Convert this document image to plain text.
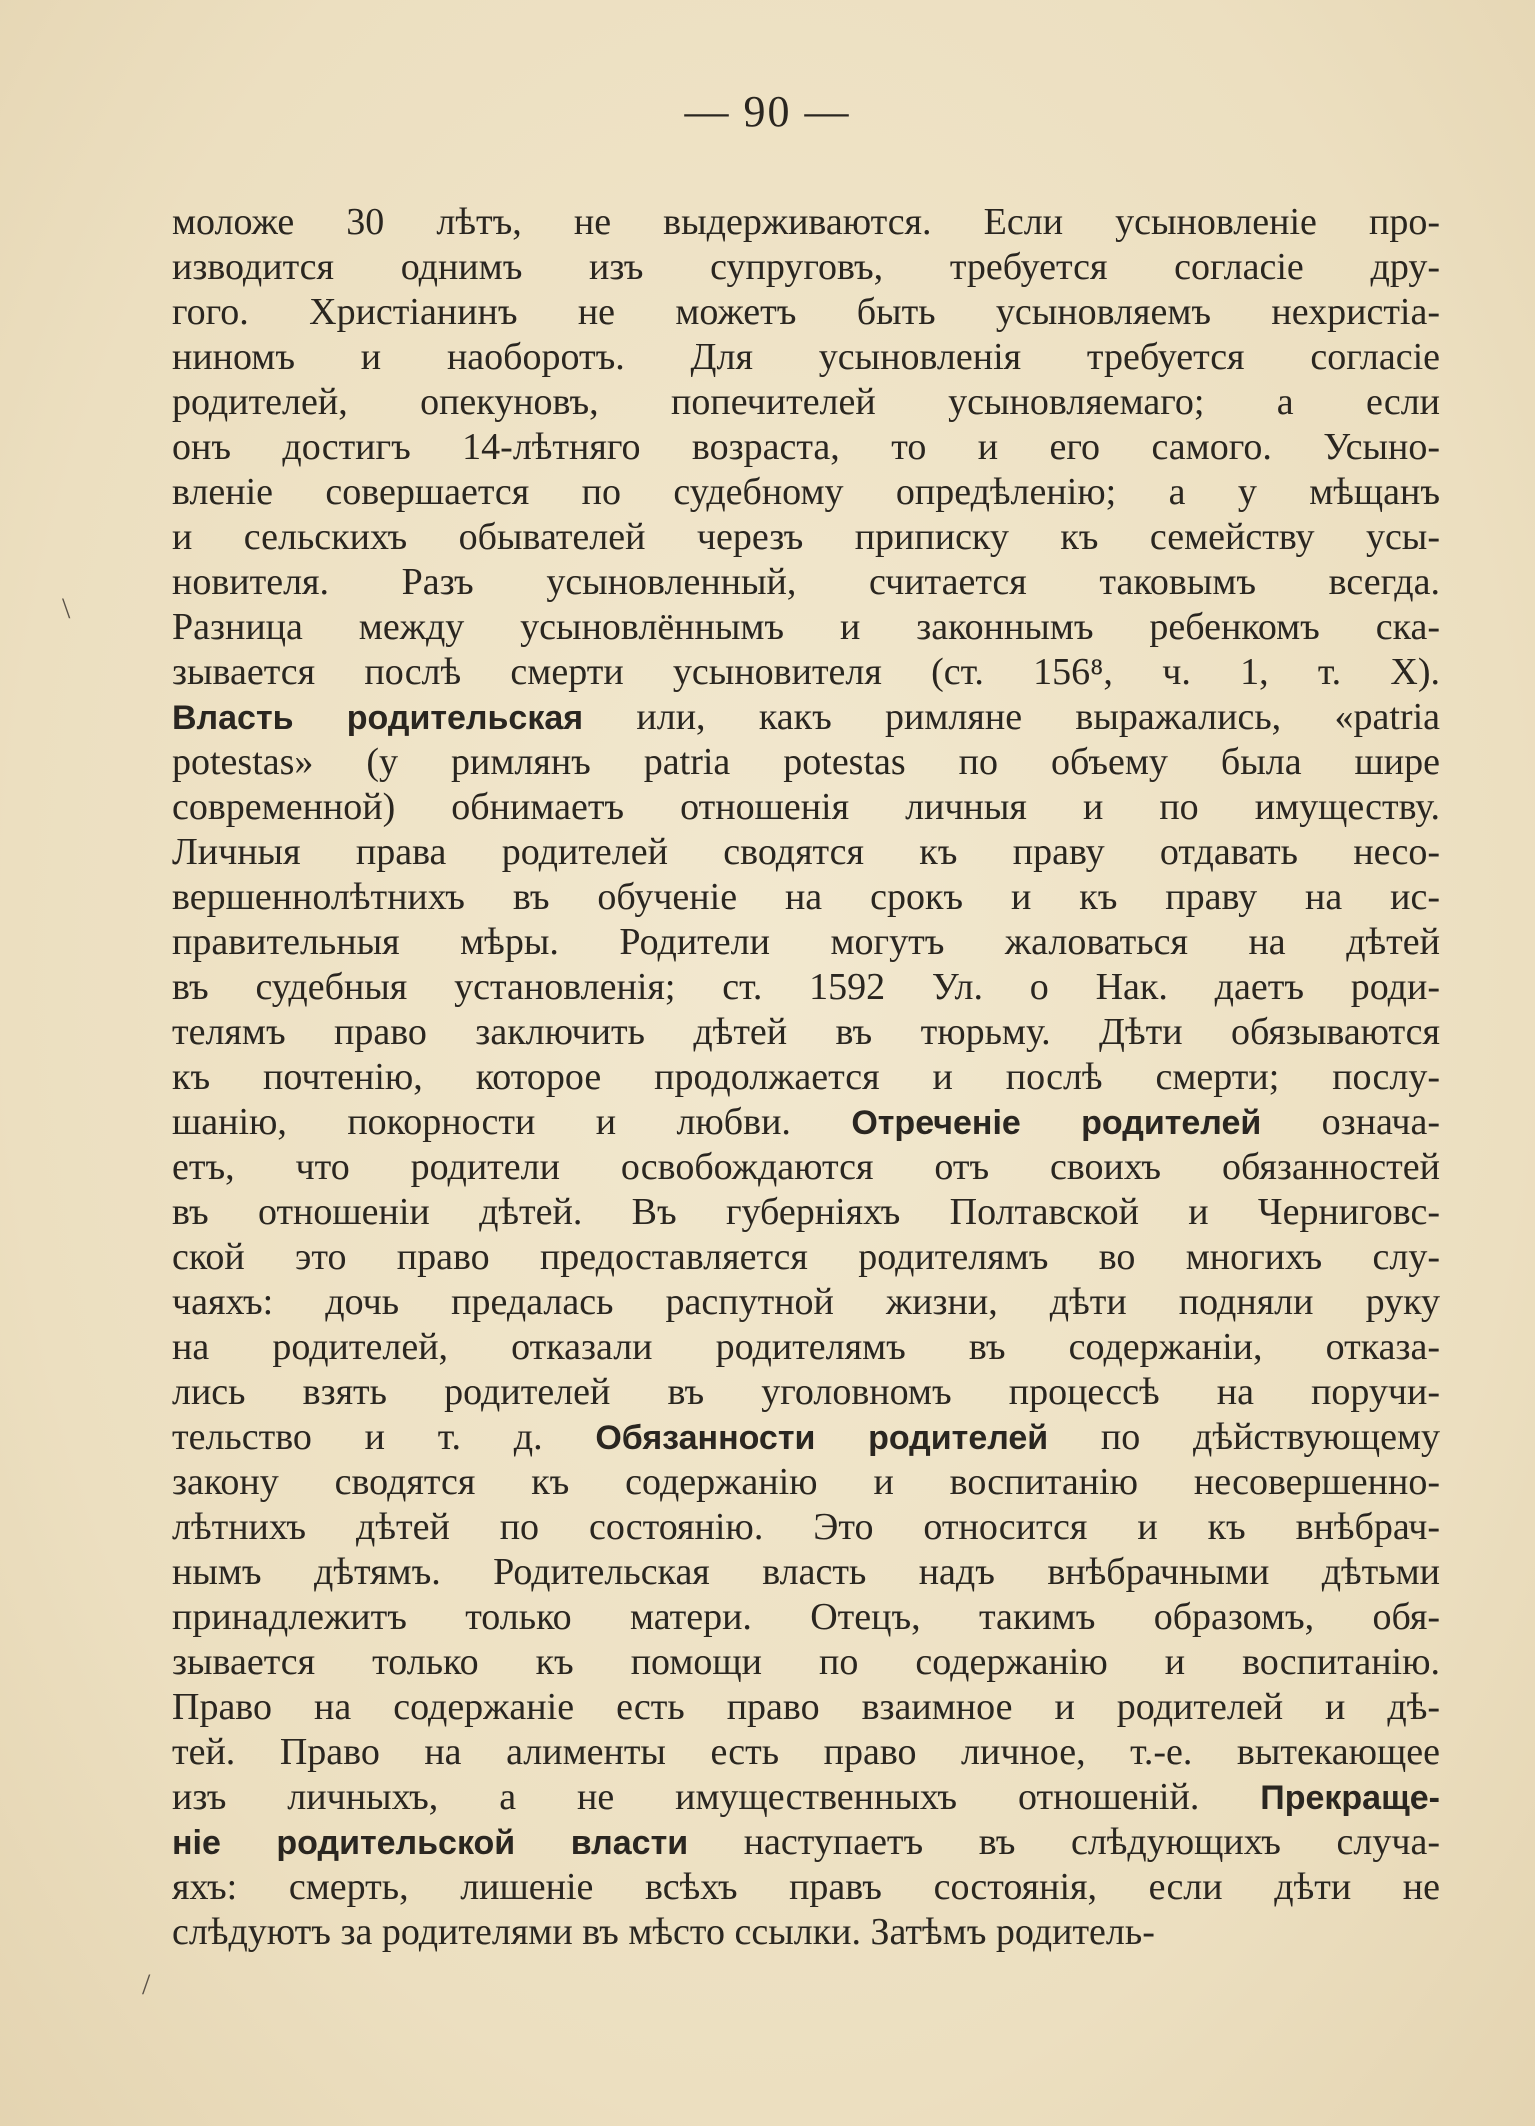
— 90 —
моложе 30 лѣтъ, не выдерживаются. Если усыновленіе про-
изводится однимъ изъ супруговъ, требуется согласіе дру-
гого. Христіанинъ не можетъ быть усыновляемъ нехристіа-
ниномъ и наоборотъ. Для усыновленія требуется согласіе
родителей, опекуновъ, попечителей усыновляемаго; а если
онъ достигъ 14-лѣтняго возраста, то и его самого. Усыно-
вленіе совершается по судебному опредѣленію; а у мѣщанъ
и сельскихъ обывателей черезъ приписку къ семейству усы-
новителя. Разъ усыновленный, считается таковымъ всегда.
Разница между усыновлённымъ и законнымъ ребенкомъ ска-
зывается послѣ смерти усыновителя (ст. 156⁸, ч. 1, т. X).
Власть родительская или, какъ римляне выражались, «patria
potestas» (у римлянъ patria potestas по объему была шире
современной) обнимаетъ отношенія личныя и по имуществу.
Личныя права родителей сводятся къ праву отдавать несо-
вершеннолѣтнихъ въ обученіе на срокъ и къ праву на ис-
правительныя мѣры. Родители могутъ жаловаться на дѣтей
въ судебныя установленія; ст. 1592 Ул. о Нак. даетъ роди-
телямъ право заключить дѣтей въ тюрьму. Дѣти обязываются
къ почтенію, которое продолжается и послѣ смерти; послу-
шанію, покорности и любви. Отреченіе родителей означа-
етъ, что родители освобождаются отъ своихъ обязанностей
въ отношеніи дѣтей. Въ губерніяхъ Полтавской и Черниговс-
ской это право предоставляется родителямъ во многихъ слу-
чаяхъ: дочь предалась распутной жизни, дѣти подняли руку
на родителей, отказали родителямъ въ содержаніи, отказа-
лись взять родителей въ уголовномъ процессѣ на поручи-
тельство и т. д. Обязанности родителей по дѣйствующему
закону сводятся къ содержанію и воспитанію несовершенно-
лѣтнихъ дѣтей по состоянію. Это относится и къ внѣбрач-
нымъ дѣтямъ. Родительская власть надъ внѣбрачными дѣтьми
принадлежитъ только матери. Отецъ, такимъ образомъ, обя-
зывается только къ помощи по содержанію и воспитанію.
Право на содержаніе есть право взаимное и родителей и дѣ-
тей. Право на алименты есть право личное, т.-е. вытекающее
изъ личныхъ, а не имущественныхъ отношеній. Прекраще-
ніе родительской власти наступаетъ въ слѣдующихъ случа-
яхъ: смерть, лишеніе всѣхъ правъ состоянія, если дѣти не
слѣдуютъ за родителями въ мѣсто ссылки. Затѣмъ родитель-
\
/
